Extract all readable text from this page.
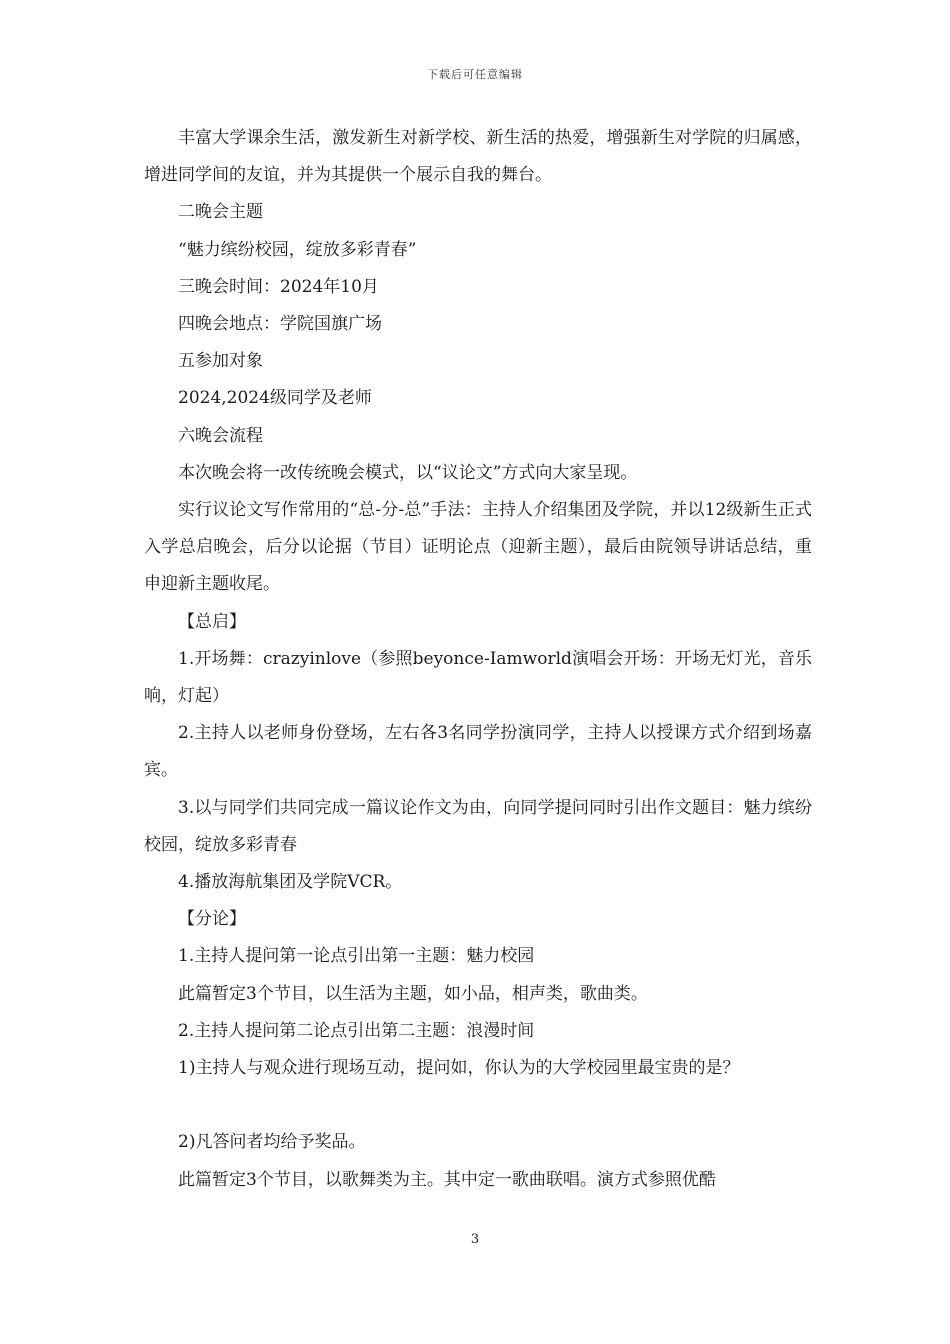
下载后可任意编辑

丰富大学课余生活，激发新生对新学校、新生活的热爱，增强新生对学院的归属感，增进同学间的友谊，并为其提供一个展示自我的舞台。

二晚会主题

“魅力缤纷校园，绽放多彩青春”

三晚会时间：2024年10月

四晚会地点：学院国旗广场

五参加对象

2024,2024级同学及老师

六晚会流程

本次晚会将一改传统晚会模式，以“议论文”方式向大家呈现。

实行议论文写作常用的“总-分-总”手法：主持人介绍集团及学院，并以12级新生正式入学总启晚会，后分以论据（节目）证明论点（迎新主题），最后由院领导讲话总结，重申迎新主题收尾。

【总启】

1.开场舞：crazyinlove（参照beyonce-Iamworld演唱会开场：开场无灯光，音乐响，灯起）

2.主持人以老师身份登场，左右各3名同学扮演同学，主持人以授课方式介绍到场嘉宾。

3.以与同学们共同完成一篇议论作文为由，向同学提问同时引出作文题目：魅力缤纷校园，绽放多彩青春

4.播放海航集团及学院VCR。

【分论】

1.主持人提问第一论点引出第一主题：魅力校园

此篇暂定3个节目，以生活为主题，如小品，相声类，歌曲类。

2.主持人提问第二论点引出第二主题：浪漫时间

1)主持人与观众进行现场互动，提问如，你认为的大学校园里最宝贵的是？

2)凡答问者均给予奖品。

此篇暂定3个节目，以歌舞类为主。其中定一歌曲联唱。演方式参照优酷

3
